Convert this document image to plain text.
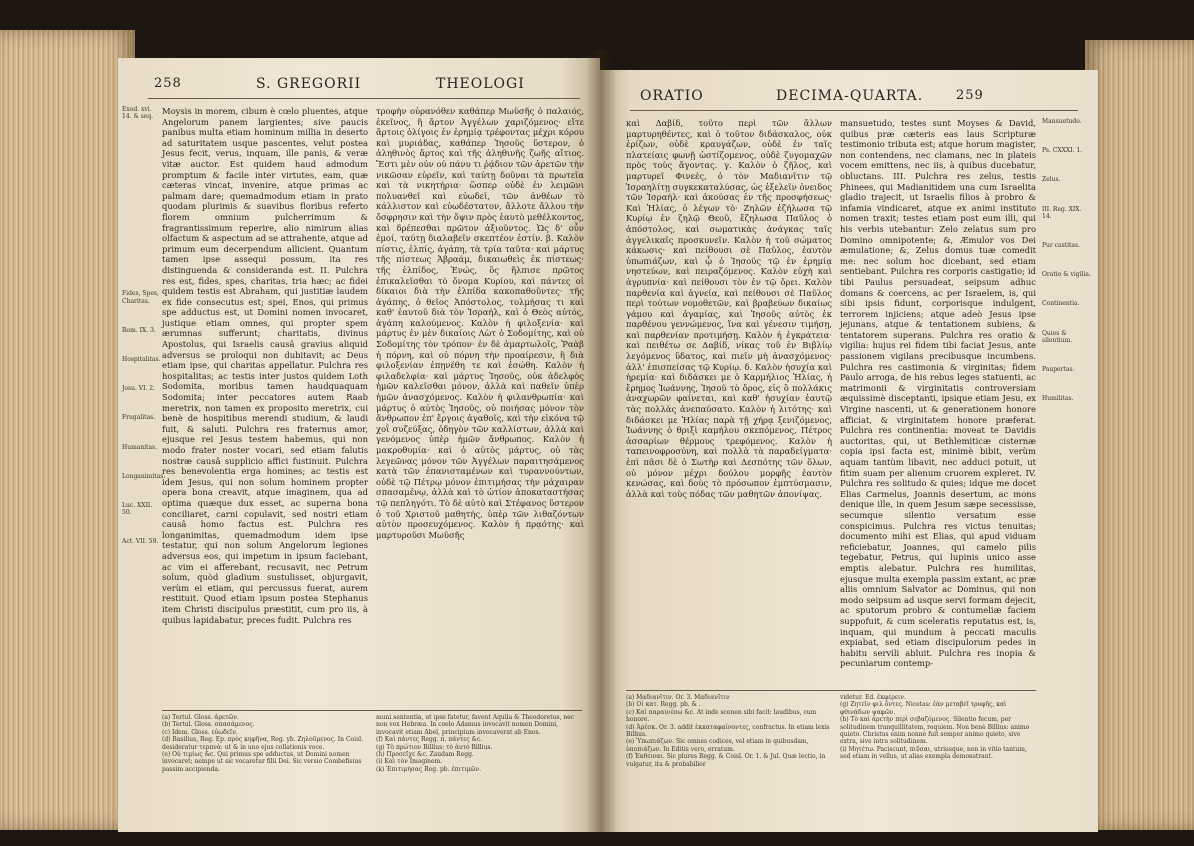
258	S. GREGORII	THEOLOGI
Exod. xvi. 14. & seq.
Fides, Spes, Charitas.
Rom. IX. 3.
Hospitalitas.
Josu. VI. 2.
Frugalitas.
Humanitas.
Longanimitas.
Luc. XXII. 50.
Act. VII. 59.
Moysis in morem, cibum è cœlo pluentes, atque Angelorum panem largientes; sive paucis panibus multa etiam hominum millia in deserto ad saturitatem usque pascentes, velut postea Jesus fecit, verus, inquam, ille panis, & veræ vitæ auctor. Est quidem haud admodum promptum & facile inter virtutes, eam, quæ cæteras vincat, invenire, atque primas ac palmam dare; quemadmodum etiam in prato quodam plurimis & suavibus floribus referto florem omnium pulcherrimum & fragrantissimum reperire, alio nimirum alias olfactum & aspectum ad se attrahente, atque ad primum eum decerpendum allicient. Quantum tamen ipse assequi possum, ita res distinguenda & consideranda est. II. Pulchra res est, fides, spes, charitas, tria hæc; ac fidei quidem testis est Abraham, qui justitiæ laudem ex fide consecutus est; spei, Enos, qui primus spe adductus est, ut Domini nomen invocaret, justique etiam omnes, qui propter spem ærumnas sufferunt; charitatis, divinus Apostolus, qui Israelis causâ gravius aliquid adversus se proloqui non dubitavit; ac Deus etiam ipse, qui charitas appellatur. Pulchra res hospitalitas; ac testis inter justos quidem Loth Sodomita, moribus tamen haudquaquam Sodomita; inter peccatores autem Raab meretrix, non tamen ex proposito meretrix, cui benè de hospitibus merendi studium, & laudi fuit, & saluti. Pulchra res fraternus amor, ejusque rei Jesus testem habemus, qui non modo frater noster vocari, sed etiam falutis nostræ causâ supplicio affici fustinuit. Pulchra res benevolentia erga homines; ac testis est idem Jesus, qui non solum hominem propter opera bona creavit, atque imaginem, qua ad optima quæque dux esset, ac superna bona conciliaret, carni copulavit, sed nostri etiam causâ homo factus est. Pulchra res longanimitas, quemadmodum idem ipse testatur, qui non solum Angelorum legiones adversus eos, qui impetum in ipsum faciebant, ac vim ei afferebant, recusavit, nec Petrum solum, quòd gladium sustulisset, objurgavit, verùm ei etiam, qui percussus fuerat, aurem restituit. Quod etiam ipsum postea Stephanus item Christi discipulus præstitit, cum pro iis, à quibus lapidabatur, preces fudit. Pulchra res
τροφὴν οὐρανόθεν καθάπερ Μωϋσῆς ὁ παλαιός, ἐκεῖνος, ἢ ἄρτον Ἀγγέλων χαριζόμενος· εἴτε ἄρτοις ὀλίγοις ἐν ἐρημίᾳ τρέφοντας μέχρι κόρου καὶ μυριάδας, καθάπερ Ἰησοῦς ὕστερον, ὁ ἀληθινὸς ἄρτος καὶ τῆς ἀληθινῆς ζωῆς αἴτιος. Ἔστι μὲν οὐν οὐ πάνυ τι ῥᾴδιον τῶν ἀρετῶν τὴν νικῶσαν εὑρεῖν, καὶ ταύτῃ δοῦναι τὰ πρωτεῖα καὶ τὰ νικητήρια· ὥσπερ οὐδὲ ἐν λειμῶνι πολυανθεῖ καὶ εὐωδεῖ, τῶν ἀνθέων τὸ κάλλιστον καὶ εὐωδέστατον, ἄλλοτε ἄλλου τὴν ὄσφρησιν καὶ τὴν ὄψιν πρὸς ἑαυτὸ μεθέλκοντος, καὶ δρέπεσθαι πρῶτον ἀξιοῦντος. Ὡς δ' οὖν ἐμοί, ταύτῃ διαλαβεῖν σκεπτέον ἐστίν. β. Καλὸν πίστις, ἐλπίς, ἀγάπη, τὰ τρία ταῦτα· καὶ μάρτυς τῆς πίστεως Ἀβραάμ, δικαιωθεὶς ἐκ πίστεως· τῆς ἐλπίδος, Ἐνώς, ὃς ἤλπισε πρῶτος ἐπικαλεῖσθαι τὸ ὄνομα Κυρίου, καὶ πάντες οἱ δίκαιοι διὰ τὴν ἐλπίδα κακοπαθοῦντες· τῆς ἀγάπης, ὁ θεῖος Ἀπόστολος, τολμήσας τι καὶ καθ' ἑαυτοῦ διὰ τὸν Ἰσραήλ, καὶ ὁ Θεὸς αὐτός, ἀγάπη καλούμενος. Καλὸν ἡ φιλοξενία· καὶ μάρτυς ἐν μὲν δικαίοις Λὼτ ὁ Σοδομίτης, καὶ οὐ Σοδομίτης τὸν τρόπον· ἐν δὲ ἁμαρτωλοῖς, Ῥαὰβ ἡ πόρνη, καὶ οὐ πόρνη τὴν προαίρεσιν, ἣ διὰ φιλοξενίαν ἐπῃνέθη τε καὶ ἐσώθη. Καλὸν ἡ φιλαδελφία· καὶ μάρτυς Ἰησοῦς, οὐκ ἀδελφὸς ἡμῶν καλεῖσθαι μόνον, ἀλλὰ καὶ παθεῖν ὑπὲρ ἡμῶν ἀνασχόμενος. Καλὸν ἡ φιλανθρωπία· καὶ μάρτυς ὁ αὐτὸς Ἰησοῦς, οὐ ποιήσας μόνον τὸν ἄνθρωπον ἐπ' ἔργοις ἀγαθοῖς, καὶ τὴν εἰκόνα τῷ χοῒ συζεύξας, ὁδηγὸν τῶν καλλίστων, ἀλλὰ καὶ γενόμενος ὑπὲρ ἡμῶν ἄνθρωπος. Καλὸν ἡ μακροθυμία· καὶ ὁ αὐτὸς μάρτυς, οὐ τὰς λεγεῶνας μόνον τῶν Ἀγγέλων παραιτησάμενος κατὰ τῶν ἐπανισταμένων καὶ τυραννούντων, οὐδὲ τῷ Πέτρῳ μόνον ἐπιτιμήσας τὴν μάχαιραν σπασαμένῳ, ἀλλὰ καὶ τὸ ὠτίον ἀποκαταστήσας τῷ πεπληγότι. Τὸ δὲ αὐτὸ καὶ Στέφανος ὕστερον ὁ τοῦ Χριστοῦ μαθητής, ὑπὲρ τῶν λιθαζόντων αὐτὸν προσευχόμενος. Καλὸν ἡ πρᾳότης· καὶ μαρτυροῦσι Μωϋσῆς
(a) Tertul. Gloss. ἀρετῶν.
(b) Tertul. Gloss. σπασάμενος.
(c) Idem. Gloss. εὐωδεῖν.
(d) Basilius, Reg. Ep. πρὸς κηφῆνα, Reg. yb. Ζηλοῦμενος. In Coisl. desideratur τερπνὰ: ut & in uno ejus collationis voce.
(e) Οὐ τιμίως &c. Qui primus spe adductus, ut Domini nomen invocaret; nempe ut sic vocaretur filii Dei. Sic versio Combefisius passim accipienda.
muni sententia, ut ipse fatetur, favent Aquila & Theodoretus, nec non vox Hebræa. In coelo Adamus invocavit nomen Domini, invocavit etiam Abel, principium invocaverat ab Enos.
(f) Καὶ πάντες Regg. π. πάντες &c.
(g) Τὸ πρώτιον Billius: τὸ ἀυτὸ Billius.
(h) Προσεῖχε &c. Zaudam Regg.
(i) Καὶ τὸν Imaginem.
(k) Ἐπιτιμήσας Reg. pb. ἐπιτιμῶν.
ORATIO	DECIMA-QUARTA.	259
καὶ Δαβίδ, τοῦτο περὶ τῶν ἄλλων μαρτυρηθέντες, καὶ ὁ τοῦτον διδάσκαλος, οὐκ ἐρίζων, οὐδὲ κραυγάζων, οὐδὲ ἐν ταῖς πλατείαις φωνῇ ὠστίζομενος, οὐδὲ ζυγομαχῶν πρὸς τοὺς ἄγοντας. γ. Καλὸν ὁ ζῆλος, καὶ μαρτυρεῖ Φινεές, ὁ τὸν Μαδιανῖτιν τῷ Ἰσραηλίτῃ συγκεκαταλύσας, ὡς ἐξελεῖν ὀνειδος τῶν Ἰσραήλ· καὶ ἀκούσας ἐν τῆς προσφήσεως· Καὶ Ἠλίας, ὁ λέγων τὸ· Ζηλῶν ἐζήλωσα τῷ Κυρίῳ ἐν ζηλῷ Θεοῦ, ἔζηλωσα Παῦλος ὁ ἀπόστολος, καὶ σωματικὰς ἀνάγκας ταῖς ἀγγελικαῖς προσκυνεῖν. Καλὸν ἡ τοῦ σώματος κάκωσις· καὶ πείθουσι σὲ Παῦλος, ἑαυτὸν ὑπωπιάζων, καὶ ᾧ ὁ Ἰησοῦς τῷ ἐν ἐρημίᾳ νηστεύων, καὶ πειραζόμενος. Καλὸν εὐχὴ καὶ ἀγρυπνία· καὶ πείθουσι τὸν ἐν τῷ ὄρει. Καλὸν παρθενία καὶ ἁγνεία, καὶ πείθουσι σὲ Παῦλος περὶ τούτων νομοθετῶν, καὶ βραβεύων δικαίως γάμου καὶ ἀγαμίας, καὶ Ἰησοῦς αὐτὸς ἐκ παρθένου γεννώμενος, ἵνα καὶ γένεσιν τιμήσῃ, καὶ παρθενίαν προτιμήσῃ. Καλὸν ἡ ἐγκράτεια· καὶ πειθέτω σε Δαβίδ, νίκας τοῦ ἐν Βιβλίῳ λεγόμενος ὕδατος, καὶ πιεῖν μὴ ἀνασχόμενος· ἀλλ' ἐπισπείσας τῷ Κυρίῳ. δ. Καλὸν ἡσυχία καὶ ἡρεμία· καὶ διδάσκει με ὁ Καρμήλιος Ἠλίας, ἡ ἔρημος Ἰωάννης, Ἰησοῦ τὸ ὄρος, εἰς ὃ πολλάκις ἀναχωρῶν φαίνεται, καὶ καθ' ἡσυχίαν ἑαυτῷ τὰς πολλὰς ἀνεπαύσατο. Καλὸν ἡ λιτότης· καὶ διδάσκει με Ἠλίας παρὰ τῇ χήρᾳ ξενιζόμενος, Ἰωάννης ὁ θριξὶ καμήλου σκεπόμενος, Πέτρος ἀσσαρίων θέρμους τρεφόμενος. Καλὸν ἡ ταπεινοφροσύνη, καὶ πολλὰ τὰ παραδείγματα· ἐπὶ πᾶσι δὲ ὁ Σωτὴρ καὶ Δεσπότης τῶν ὅλων, οὐ μόνον μέχρι δούλου μορφῆς ἑαυτὸν κενώσας, καὶ δοὺς τὸ πρόσωπον ἐμπτύσμασιν, ἀλλὰ καὶ τοὺς πόδας τῶν μαθητῶν ἀπονίψας.
mansuetudo, testes sunt Moyses & David, quibus præ cæteris eas laus Scripturæ testimonio tributa est; atque horum magister, non contendens, nec clamans, nec in plateis vocem emittens, nec iis, à quibus ducebatur, obluctans. III. Pulchra res zelus, testis Phinees, qui Madianitidem una cum Israelita gladio trajecit, ut Israelis filios à probro & infamia vindicaret, atque ex animi instituto nomen traxit; testes etiam post eum illi, qui his verbis utebantur: Zelo zelatus sum pro Domino omnipotente; &, Æmulor vos Dei æmulatione; &, Zelus domus tuæ comedit me: nec solum hoc dicebant, sed etiam sentiebant. Pulchra res corporis castigatio; id tibi Paulus persuadeat, seipsum adhuc domans & coercens, ac per Israelem, is, qui sibi ipsis fidunt, corporisque indulgent, terrorem injiciens; atque adeò Jesus ipse jejunans, atque & tentationem subiens, & tentatorem superans. Pulchra res oratio & vigilia: hujus rei fidem tibi faciat Jesus, ante passionem vigilans precibusque incumbens. Pulchra res castimonia & virginitas; fidem Paulo arroga, de his rebus leges statuenti, ac matrimonii & virginitatis controversiam æquissimè disceptanti, ipsique etiam Jesu, ex Virgine nascenti, ut & generationem honore afficiat, & virginitatem honore præferat. Pulchra res continentia: moveat te Davidis auctoritas, qui, ut Bethlemiticæ cisternæ copia ipsi facta est, minimè bibit, verùm aquam tantùm libavit, nec adduci potuit, ut fitim suam per alienum cruorem expleret. IV. Pulchra res solitudo & quies; idque me docet Elias Carmelus, Joannis desertum, ac mons denique ille, in quem Jesum sæpe secessisse, secumque silentio versatum esse conspicimus. Pulchra res victus tenuitas; documento mihi est Elias, qui apud viduam reficiebatur, Joannes, qui camelo pilis tegebatur, Petrus, qui lupinis unico asse emptis alebatur. Pulchra res humilitas, ejusque multa exempla passim extant, ac præ aliis omnium Salvator ac Dominus, qui non modo seipsum ad usque servi formam dejecit, ac sputorum probro & contumeliæ faciem suppofuit, & cum sceleratis reputatus est, is, inquam, qui mundum à peccati maculis expiabat, sed etiam discipulorum pedes in habitu servili abluit. Pulchra res inopia & pecuniarum contemp-
Mansuetudo.
Ps. CXXXI. 1.
Zelus.
III. Reg. XIX. 14.
Pur castitas.
Oratio & vigilia.
Continentia.
Quies & silentium.
Paupertas.
Humilitas.
(a) Μαδιανῖτιν. Or. 3. Μαδιανῖτιν
(b) Οἱ κατ. Regg. pb. & .
(c) Καὶ παραινέσω &c. At inde scenen sibi facit: laudibus, cum honore.
(d) Ἀρέσκ. Or. 3. addit ἐκκαταφαίνοντες, confractus. In etiam lexis Billius.
(e) Ὑπωπιάζων. Sic omnes codices, vel etiam in quibusdam, ὑποπιάζων. In Editis vero, erratum.
(f) Ἐκθειναι. Sic plures Regg. & Coisl. Or. 1. & Jul. Quæ lectio, in vulgatur, ita & probabilior
videtur. Ed. ἐκφέρειν.
(g) Ζητεῖν φιλ ὄντες. Nicetas: ἐὰν μεταβεῖ τρυφῆς, καὶ φθινάδων ψαφῶν.
(h) Τὸ καὶ ἀρετὴν περὶ σεβαζόμενος. Silentio fecum, per solitudinem tranquillitatem, requiem. Non benè Billius: animo quieto. Christus enim nonnè fuit semper animo quieto, sive extra, sive intra solitudinem.
(i) Μητέτω. Paciscunt, πιῦσαι, utriusque, non in vitio tantum, sed etiam in vellus, ut alias exempla demonstrant.
